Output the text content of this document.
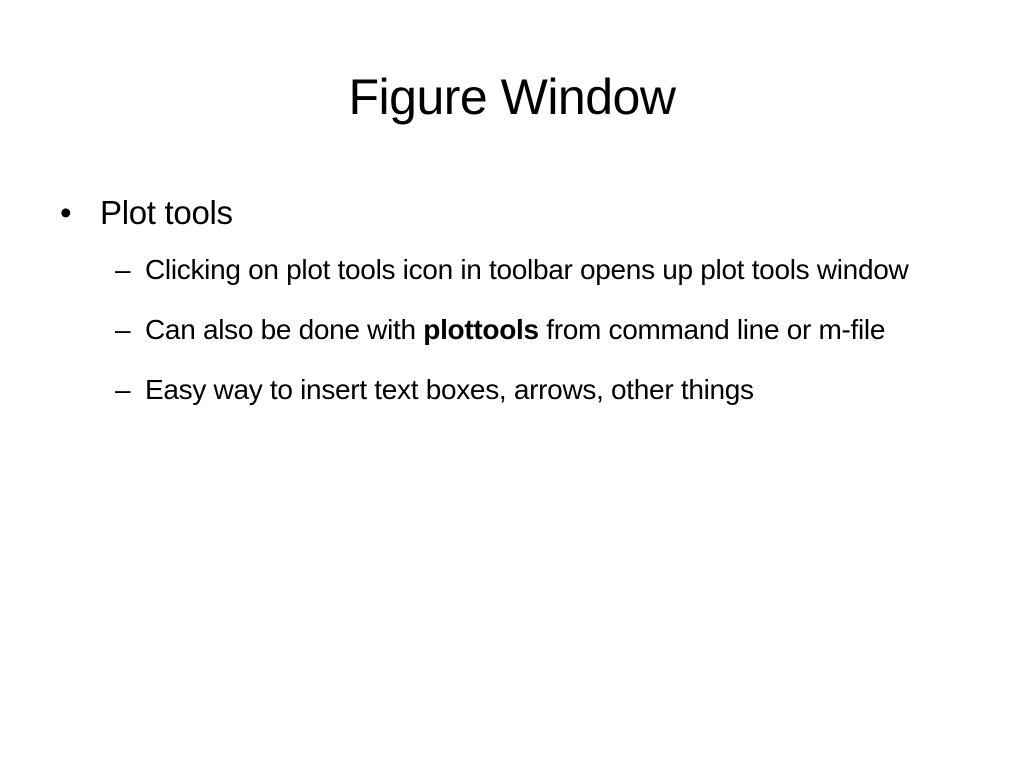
Figure Window
• Plot tools
– Clicking on plot tools icon in toolbar opens up plot tools window
– Can also be done with plottools from command line or m-file
– Easy way to insert text boxes, arrows, other things
